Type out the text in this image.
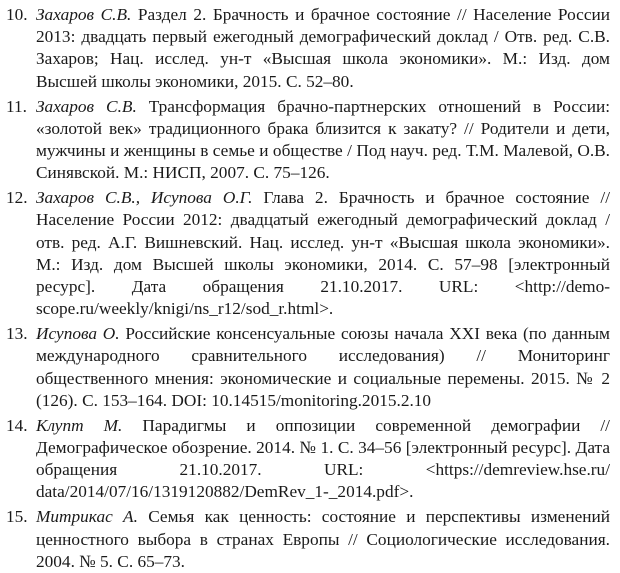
10. Захаров С.В. Раздел 2. Брачность и брачное состояние // Население России 2013: двадцать первый ежегодный демографический доклад / Отв. ред. С.В. Захаров; Нац. исслед. ун-т «Высшая школа экономики». М.: Изд. дом Высшей школы экономики, 2015. С. 52–80.
11. Захаров С.В. Трансформация брачно-партнерских отношений в России: «золотой век» традиционного брака близится к закату? // Родители и дети, мужчины и женщины в семье и обществе / Под науч. ред. Т.М. Малевой, О.В. Синявской. М.: НИСП, 2007. С. 75–126.
12. Захаров С.В., Исупова О.Г. Глава 2. Брачность и брачное состояние // Население России 2012: двадцатый ежегодный демографический доклад / отв. ред. А.Г. Вишневский. Нац. исслед. ун-т «Высшая школа экономики». М.: Изд. дом Высшей школы экономики, 2014. С. 57–98 [электронный ресурс]. Дата обращения 21.10.2017. URL: <http://demoscope.ru/weekly/knigi/ns_r12/sod_r.html>.
13. Исупова О. Российские консенсуальные союзы начала XXI века (по данным международного сравнительного исследования) // Мониторинг общественного мнения: экономические и социальные перемены. 2015. № 2 (126). С. 153–164. DOI: 10.14515/monitoring.2015.2.10
14. Клупт М. Парадигмы и оппозиции современной демографии // Демографическое обозрение. 2014. № 1. С. 34–56 [электронный ресурс]. Дата обращения 21.10.2017. URL: <https://demreview.hse.ru/ data/2014/07/16/1319120882/DemRev_1-_2014.pdf>.
15. Митрикас А. Семья как ценность: состояние и перспективы изменений ценностного выбора в странах Европы // Социологические исследования. 2004. № 5. С. 65–73.
